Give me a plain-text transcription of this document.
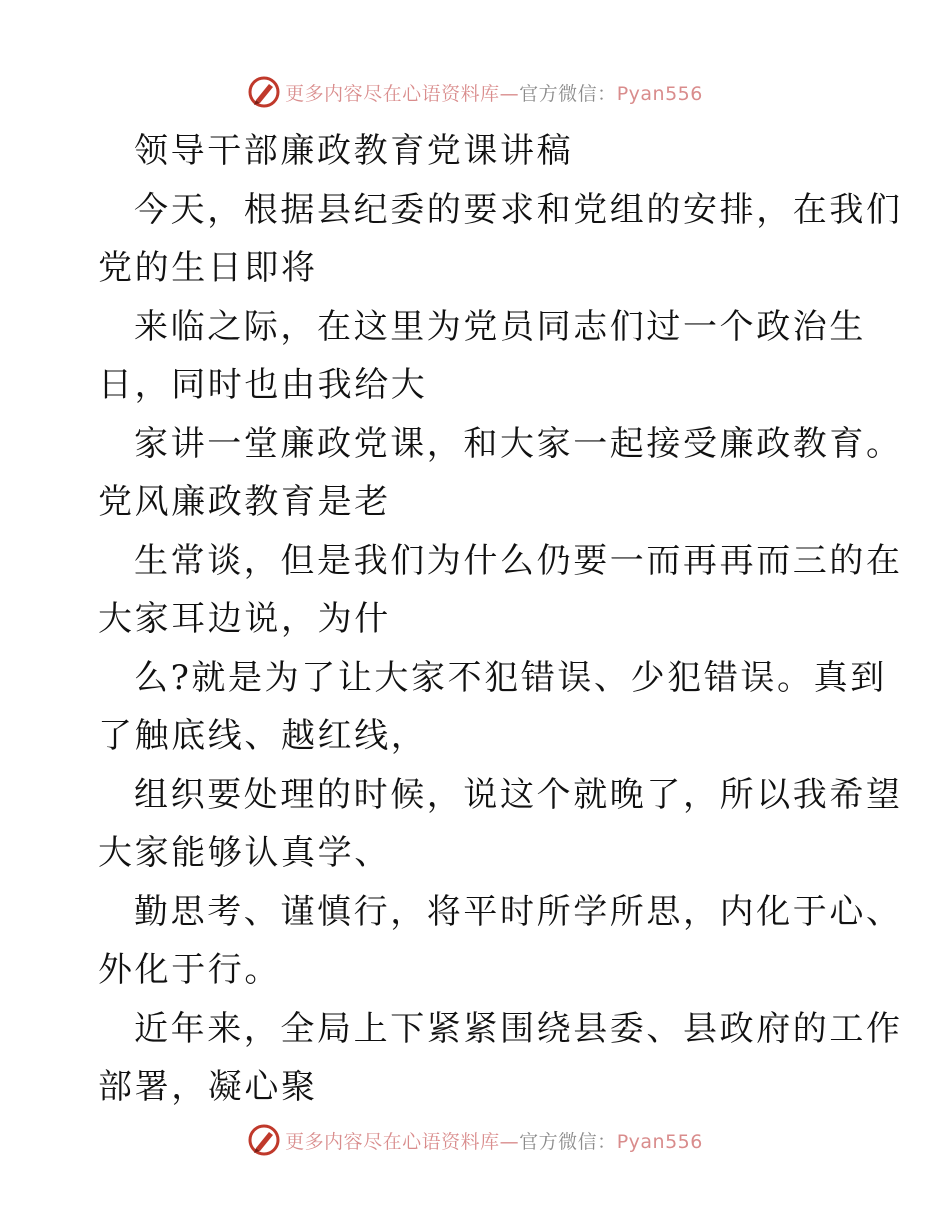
更多内容尽在心语资料库—官方微信：Pyan556
领导干部廉政教育党课讲稿
今天，根据县纪委的要求和党组的安排，在我们
党的生日即将
来临之际，在这里为党员同志们过一个政治生
日，同时也由我给大
家讲一堂廉政党课，和大家一起接受廉政教育。
党风廉政教育是老
生常谈，但是我们为什么仍要一而再再而三的在
大家耳边说，为什
么?就是为了让大家不犯错误、少犯错误。真到
了触底线、越红线，
组织要处理的时候，说这个就晚了，所以我希望
大家能够认真学、
勤思考、谨慎行，将平时所学所思，内化于心、
外化于行。
近年来，全局上下紧紧围绕县委、县政府的工作
部署，凝心聚
更多内容尽在心语资料库—官方微信：Pyan556
